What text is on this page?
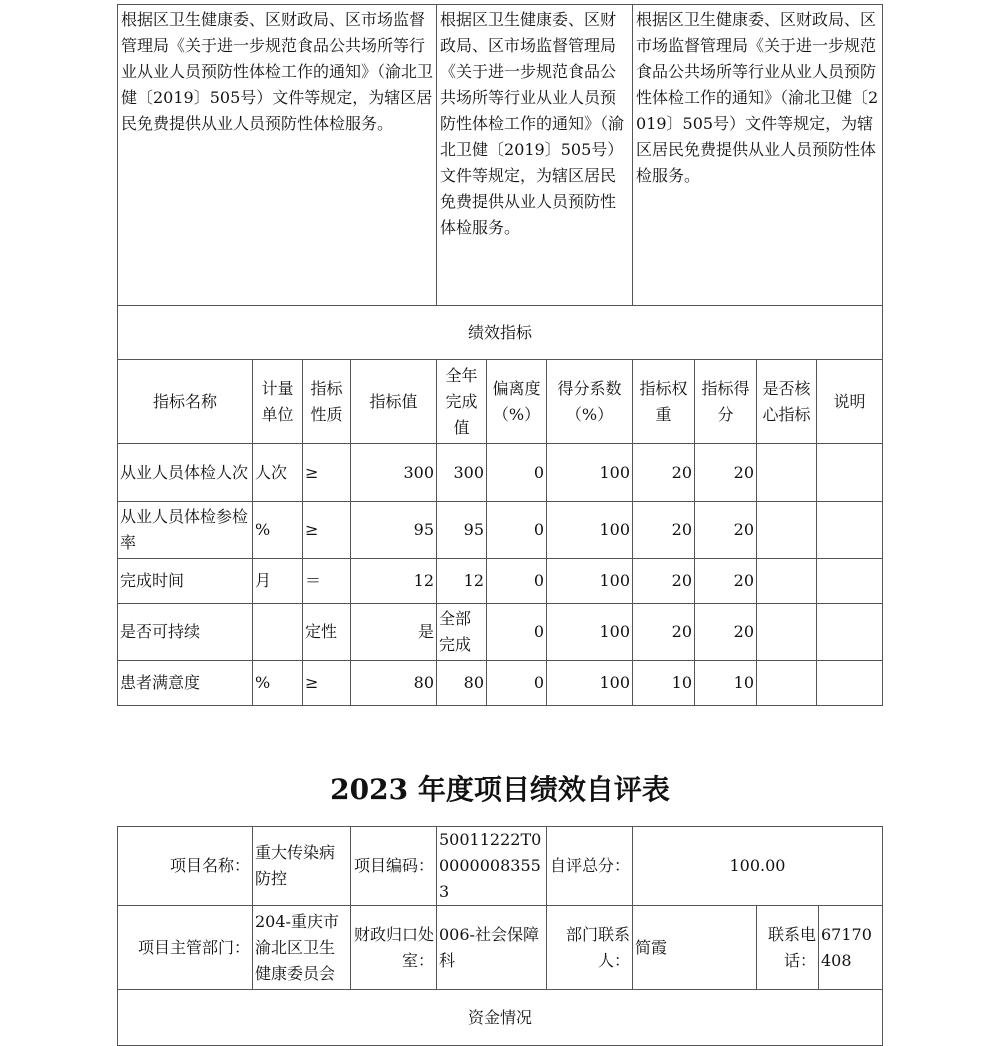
根据区卫生健康委、区财政局、区市场监督管理局《关于进一步规范食品公共场所等行业从业人员预防性体检工作的通知》（渝北卫健〔2019〕505号）文件等规定，为辖区居民免费提供从业人员预防性体检服务。				根据区卫生健康委、区财政局、区市场监督管理局《关于进一步规范食品公共场所等行业从业人员预防性体检工作的通知》（渝北卫健〔2019〕505号）文件等规定，为辖区居民免费提供从业人员预防性体检服务。			根据区卫生健康委、区财政局、区市场监督管理局《关于进一步规范食品公共场所等行业从业人员预防性体检工作的通知》（渝北卫健〔2019〕505号）文件等规定，为辖区居民免费提供从业人员预防性体检服务。			
绩效指标										
指标名称	计量单位	指标性质	指标值	全年完成值	偏离度（%）	得分系数（%）	指标权重	指标得分	是否核心指标	说明
从业人员体检人次	人次	≥	300	300	0	100	20	20		
从业人员体检参检率	%	≥	95	95	0	100	20	20		
完成时间	月	＝	12	12	0	100	20	20		
是否可持续		定性	是	全部完成	0	100	20	20		
患者满意度	%	≥	80	80	0	100	10	10		
2023 年度项目绩效自评表
项目名称：	重大传染病防控	项目编码：	50011222T000000083553	自评总分：	100.00		
项目主管部门：	204-重庆市渝北区卫生健康委员会	财政归口处室：	006-社会保障科	部门联系人：	简霞	联系电话：	67170408
资金情况							
